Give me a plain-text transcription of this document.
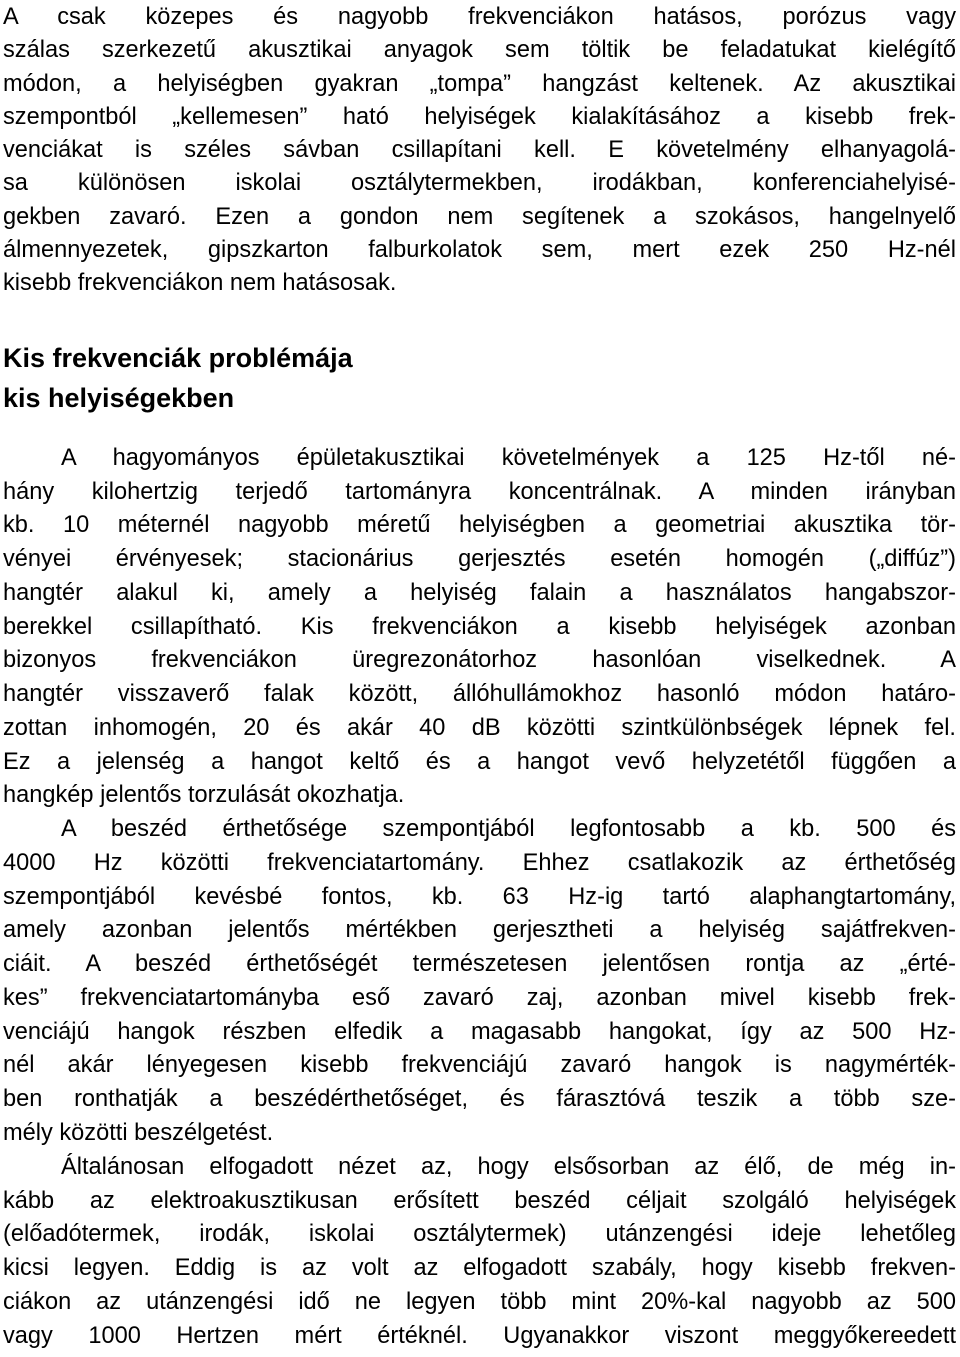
A csak közepes és nagyobb frekvenciákon hatásos, porózus vagy
szálas szerkezetű akusztikai anyagok sem töltik be feladatukat kielégítő
módon, a helyiségben gyakran „tompa” hangzást keltenek. Az akusztikai
szempontból „kellemesen” ható helyiségek kialakításához a kisebb frek-
venciákat is széles sávban csillapítani kell. E követelmény elhanyagolá-
sa különösen iskolai osztálytermekben, irodákban, konferenciahelyisé-
gekben zavaró. Ezen a gondon nem segítenek a szokásos, hangelnyelő
álmennyezetek, gipszkarton falburkolatok sem, mert ezek 250 Hz-nél
kisebb frekvenciákon nem hatásosak.
Kis frekvenciák problémája
kis helyiségekben
A hagyományos épületakusztikai követelmények a 125 Hz-től né-
hány kilohertzig terjedő tartományra koncentrálnak. A minden irányban
kb. 10 méternél nagyobb méretű helyiségben a geometriai akusztika tör-
vényei érvényesek; stacionárius gerjesztés esetén homogén („diffúz”)
hangtér alakul ki, amely a helyiség falain a használatos hangabszor-
berekkel csillapítható. Kis frekvenciákon a kisebb helyiségek azonban
bizonyos frekvenciákon üregrezonátorhoz hasonlóan viselkednek. A
hangtér visszaverő falak között, állóhullámokhoz hasonló módon határo-
zottan inhomogén, 20 és akár 40 dB közötti szintkülönbségek lépnek fel.
Ez a jelenség a hangot keltő és a hangot vevő helyzetétől függően a
hangkép jelentős torzulását okozhatja.
A beszéd érthetősége szempontjából legfontosabb a kb. 500 és
4000 Hz közötti frekvenciatartomány. Ehhez csatlakozik az érthetőség
szempontjából kevésbé fontos, kb. 63 Hz-ig tartó alaphangtartomány,
amely azonban jelentős mértékben gerjesztheti a helyiség sajátfrekven-
ciáit. A beszéd érthetőségét természetesen jelentősen rontja az „érté-
kes” frekvenciatartományba eső zavaró zaj, azonban mivel kisebb frek-
venciájú hangok részben elfedik a magasabb hangokat, így az 500 Hz-
nél akár lényegesen kisebb frekvenciájú zavaró hangok is nagymérték-
ben ronthatják a beszédérthetőséget, és fárasztóvá teszik a több sze-
mély közötti beszélgetést.
Általánosan elfogadott nézet az, hogy elsősorban az élő, de még in-
kább az elektroakusztikusan erősített beszéd céljait szolgáló helyiségek
(előadótermek, irodák, iskolai osztálytermek) utánzengési ideje lehetőleg
kicsi legyen. Eddig is az volt az elfogadott szabály, hogy kisebb frekven-
ciákon az utánzengési idő ne legyen több mint 20%-kal nagyobb az 500
vagy 1000 Hertzen mért értéknél. Ugyanakkor viszont meggyőkereedett
